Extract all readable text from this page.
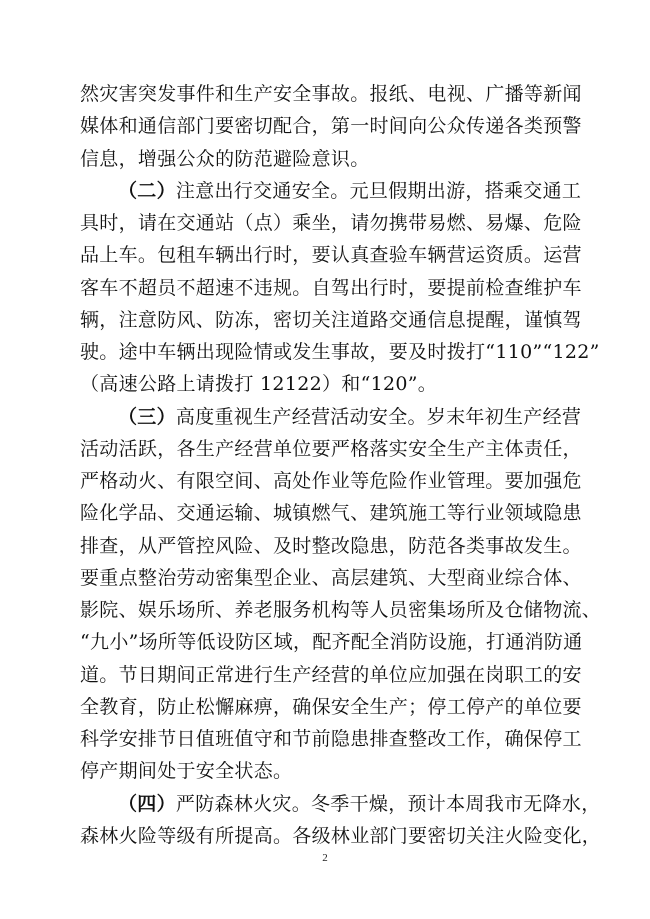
然灾害突发事件和生产安全事故。报纸、电视、广播等新闻
媒体和通信部门要密切配合，第一时间向公众传递各类预警
信息，增强公众的防范避险意识。
（二）注意出行交通安全。元旦假期出游，搭乘交通工
具时，请在交通站（点）乘坐，请勿携带易燃、易爆、危险
品上车。包租车辆出行时，要认真查验车辆营运资质。运营
客车不超员不超速不违规。自驾出行时，要提前检查维护车
辆，注意防风、防冻，密切关注道路交通信息提醒，谨慎驾
驶。途中车辆出现险情或发生事故，要及时拨打“110”“122”
（高速公路上请拨打 12122）和“120”。
（三）高度重视生产经营活动安全。岁末年初生产经营
活动活跃，各生产经营单位要严格落实安全生产主体责任，
严格动火、有限空间、高处作业等危险作业管理。要加强危
险化学品、交通运输、城镇燃气、建筑施工等行业领域隐患
排查，从严管控风险、及时整改隐患，防范各类事故发生。
要重点整治劳动密集型企业、高层建筑、大型商业综合体、
影院、娱乐场所、养老服务机构等人员密集场所及仓储物流、
“九小”场所等低设防区域，配齐配全消防设施，打通消防通
道。节日期间正常进行生产经营的单位应加强在岗职工的安
全教育，防止松懈麻痹，确保安全生产；停工停产的单位要
科学安排节日值班值守和节前隐患排查整改工作，确保停工
停产期间处于安全状态。
（四）严防森林火灾。冬季干燥，预计本周我市无降水，
森林火险等级有所提高。各级林业部门要密切关注火险变化，
2
